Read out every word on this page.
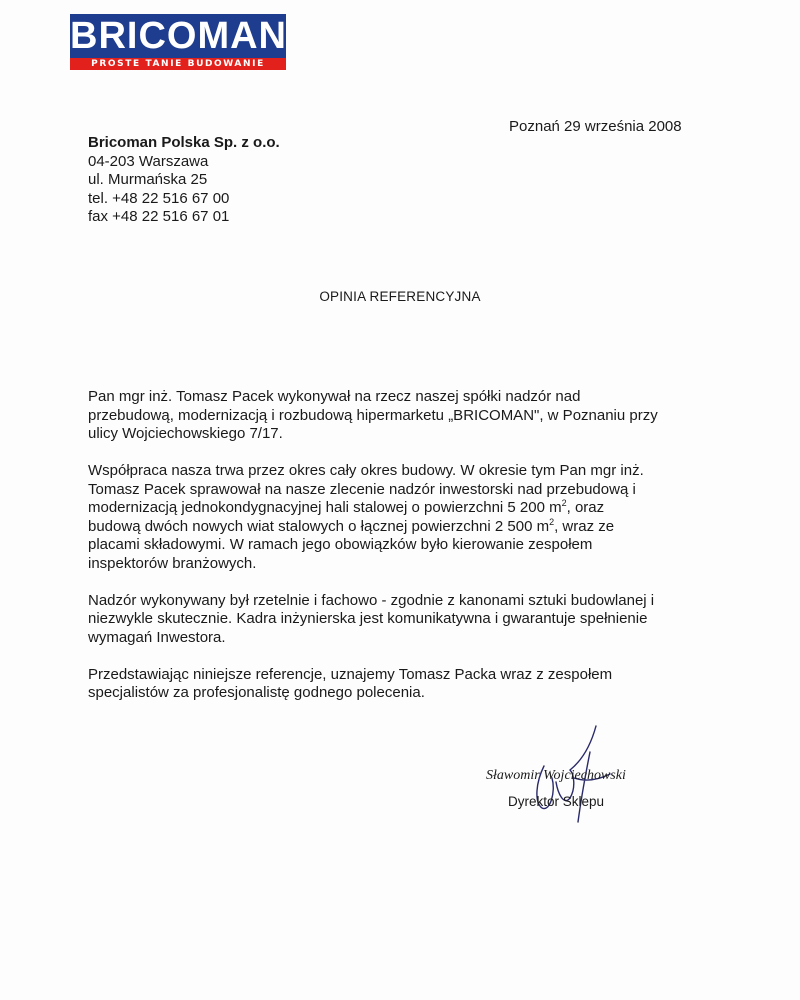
BRICOMAN
PROSTE TANIE BUDOWANIE
Poznań 29 września 2008
Bricoman Polska Sp. z o.o.
04-203 Warszawa
ul. Murmańska 25
tel. +48 22 516 67 00
fax +48 22 516 67 01
OPINIA REFERENCYJNA

Pan mgr inż. Tomasz Pacek wykonywał na rzecz naszej spółki nadzór nad
przebudową, modernizacją i rozbudową hipermarketu „BRICOMAN", w Poznaniu przy
ulicy Wojciechowskiego 7/17.

Współpraca nasza trwa przez okres cały okres budowy. W okresie tym Pan mgr inż.
Tomasz Pacek sprawował na nasze zlecenie nadzór inwestorski nad przebudową i
modernizacją jednokondygnacyjnej hali stalowej o powierzchni 5 200 $m^2$, oraz
budową dwóch nowych wiat stalowych o łącznej powierzchni 2 500 $m^2$, wraz ze
placami składowymi. W ramach jego obowiązków było kierowanie zespołem
inspektorów branżowych.

Nadzór wykonywany był rzetelnie i fachowo - zgodnie z kanonami sztuki budowlanej i
niezwykle skutecznie. Kadra inżynierska jest komunikatywna i gwarantuje spełnienie
wymagań Inwestora.

Przedstawiając niniejsze referencje, uznajemy Tomasz Packa wraz z zespołem
specjalistów za profesjonalistę godnego polecenia.

Sławomir Wojciechowski
Dyrektor Sklepu
